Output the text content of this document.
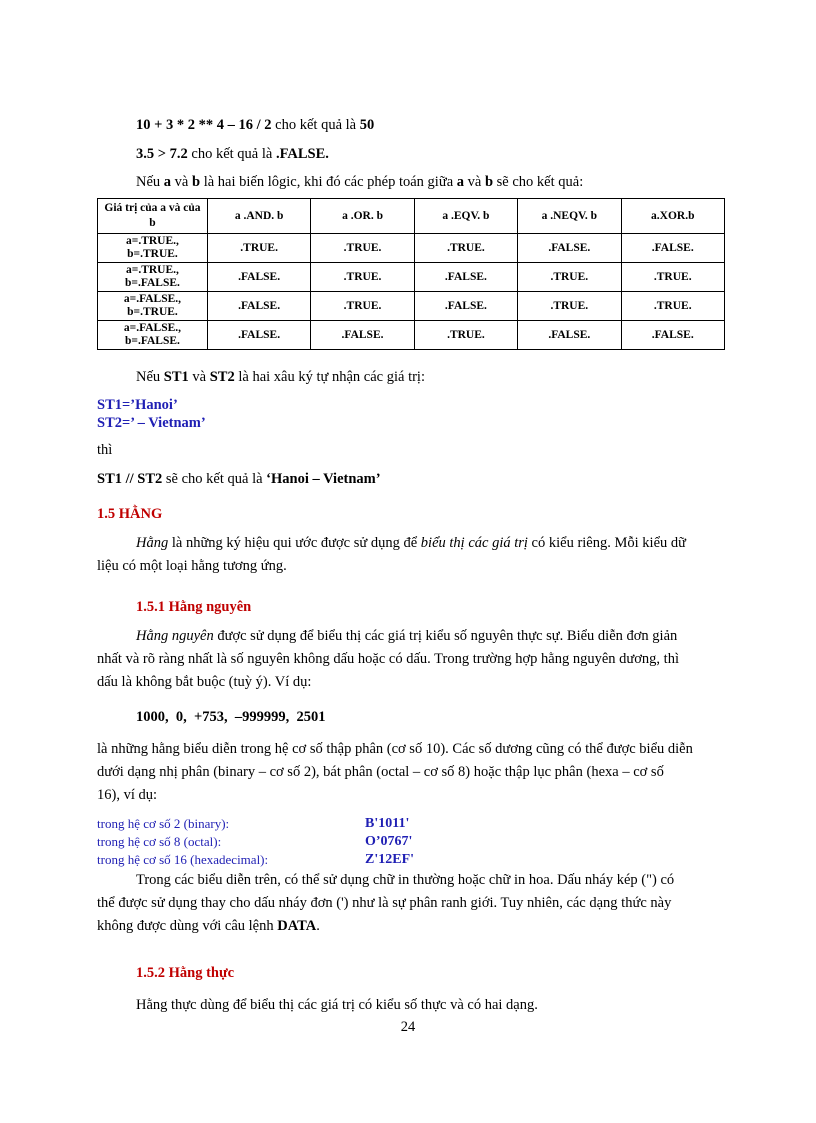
10 + 3 * 2 ** 4 – 16 / 2 cho kết quả là 50
3.5 > 7.2 cho kết quả là .FALSE.
Nếu a và b là hai biến lôgic, khi đó các phép toán giữa a và b sẽ cho kết quả:
Giá trị của a và của b	a .AND. b	a .OR. b	a .EQV. b	a .NEQV. b	a.XOR.b
a=.TRUE., b=.TRUE.	.TRUE.	.TRUE.	.TRUE.	.FALSE.	.FALSE.
a=.TRUE., b=.FALSE.	.FALSE.	.TRUE.	.FALSE.	.TRUE.	.TRUE.
a=.FALSE., b=.TRUE.	.FALSE.	.TRUE.	.FALSE.	.TRUE.	.TRUE.
a=.FALSE., b=.FALSE.	.FALSE.	.FALSE.	.TRUE.	.FALSE.	.FALSE.
Nếu ST1 và ST2 là hai xâu ký tự nhận các giá trị:
ST1=’Hanoi’
ST2=’ – Vietnam’
thì
ST1 // ST2 sẽ cho kết quả là ‘Hanoi – Vietnam’
1.5 HẰNG
Hằng là những ký hiệu qui ước được sử dụng để biểu thị các giá trị có kiểu riêng. Mỗi kiểu dữ
liệu có một loại hằng tương ứng.
1.5.1 Hằng nguyên
Hằng nguyên được sử dụng để biểu thị các giá trị kiểu số nguyên thực sự. Biểu diễn đơn giản
nhất và rõ ràng nhất là số nguyên không dấu hoặc có dấu. Trong trường hợp hằng nguyên dương, thì
dấu là không bắt buộc (tuỳ ý). Ví dụ:
1000,  0,  +753,  –999999,  2501
là những hằng biểu diễn trong hệ cơ số thập phân (cơ số 10). Các số dương cũng có thể được biểu diễn
dưới dạng nhị phân (binary – cơ số 2), bát phân (octal – cơ số 8) hoặc thập lục phân (hexa – cơ số
16), ví dụ:
trong hệ cơ số 2 (binary):	B'1011'
trong hệ cơ số 8 (octal):	O’0767'
trong hệ cơ số 16 (hexadecimal):	Z'12EF'
Trong các biểu diễn trên, có thể sử dụng chữ in thường hoặc chữ in hoa. Dấu nháy kép (") có
thể được sử dụng thay cho dấu nháy đơn (') như là sự phân ranh giới. Tuy nhiên, các dạng thức này
không được dùng với câu lệnh DATA.
1.5.2 Hằng thực
Hằng thực dùng để biểu thị các giá trị có kiểu số thực và có hai dạng.
24
